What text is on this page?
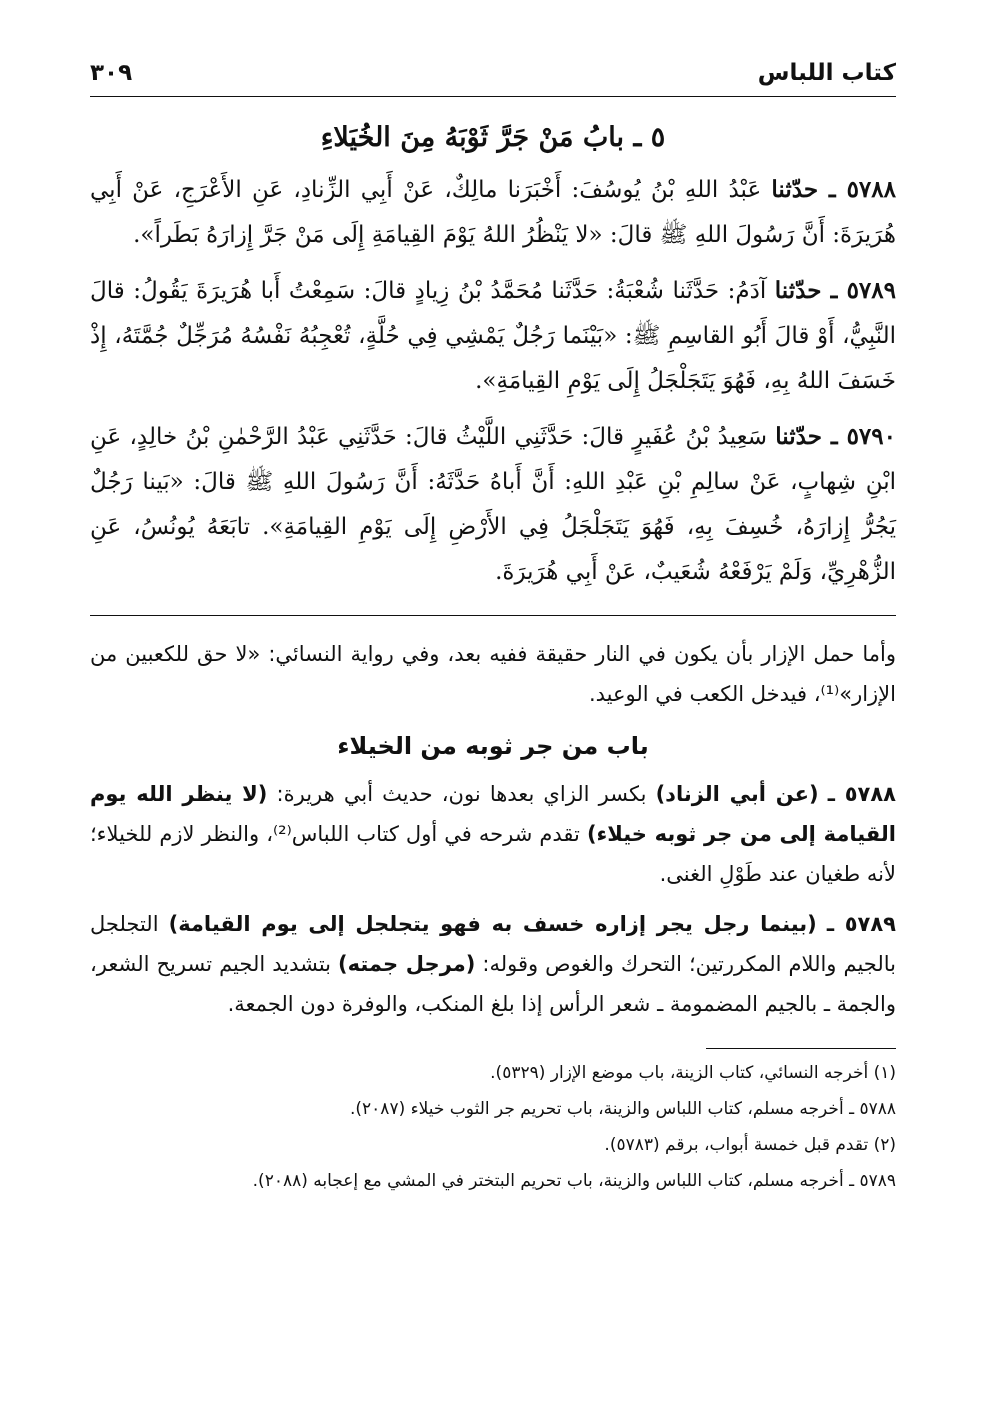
كتاب اللباس
٣٠٩
٥ ـ بابُ مَنْ جَرَّ ثَوْبَهُ مِنَ الخُيَلاءِ

٥٧٨٨ ـ حدّثنا عَبْدُ اللهِ بْنُ يُوسُفَ: أَخْبَرَنا مالِكٌ، عَنْ أَبِي الزِّنادِ، عَنِ الأَعْرَجِ، عَنْ أَبِي هُرَيرَةَ: أَنَّ رَسُولَ اللهِ ﷺ قالَ: «لا يَنْظُرُ اللهُ يَوْمَ القِيامَةِ إِلَى مَنْ جَرَّ إِزارَهُ بَطَراً».

٥٧٨٩ ـ حدّثنا آدَمُ: حَدَّثَنا شُعْبَةُ: حَدَّثَنا مُحَمَّدُ بْنُ زِيادٍ قالَ: سَمِعْتُ أَبا هُرَيرَةَ يَقُولُ: قالَ النَّبِيُّ، أَوْ قالَ أَبُو القاسِمِ ﷺ: «بَيْنَما رَجُلٌ يَمْشِي فِي حُلَّةٍ، تُعْجِبُهُ نَفْسُهُ مُرَجِّلٌ جُمَّتَهُ، إِذْ خَسَفَ اللهُ بِهِ، فَهُوَ يَتَجَلْجَلُ إِلَى يَوْمِ القِيامَةِ».

٥٧٩٠ ـ حدّثنا سَعِيدُ بْنُ عُفَيرٍ قالَ: حَدَّثَنِي اللَّيْثُ قالَ: حَدَّثَنِي عَبْدُ الرَّحْمٰنِ بْنُ خالِدٍ، عَنِ ابْنِ شِهابٍ، عَنْ سالِمِ بْنِ عَبْدِ اللهِ: أَنَّ أَباهُ حَدَّثَهُ: أَنَّ رَسُولَ اللهِ ﷺ قالَ: «بَينا رَجُلٌ يَجُرُّ إِزارَهُ، خُسِفَ بِهِ، فَهُوَ يَتَجَلْجَلُ فِي الأَرْضِ إِلَى يَوْمِ القِيامَةِ». تابَعَهُ يُونُسُ، عَنِ الزُّهْرِيِّ، وَلَمْ يَرْفَعْهُ شُعَيبٌ، عَنْ أَبِي هُرَيرَةَ.

وأما حمل الإزار بأن يكون في النار حقيقة ففيه بعد، وفي رواية النسائي: «لا حق للكعبين من الإزار»⁽¹⁾، فيدخل الكعب في الوعيد.

باب من جر ثوبه من الخيلاء

٥٧٨٨ ـ (عن أبي الزناد) بكسر الزاي بعدها نون، حديث أبي هريرة: (لا ينظر الله يوم القيامة إلى من جر ثوبه خيلاء) تقدم شرحه في أول كتاب اللباس⁽²⁾، والنظر لازم للخيلاء؛ لأنه طغيان عند طَوْلِ الغنى.

٥٧٨٩ ـ (بينما رجل يجر إزاره خسف به فهو يتجلجل إلى يوم القيامة) التجلجل بالجيم واللام المكررتين؛ التحرك والغوص وقوله: (مرجل جمته) بتشديد الجيم تسريح الشعر، والجمة ـ بالجيم المضمومة ـ شعر الرأس إذا بلغ المنكب، والوفرة دون الجمعة.

(١) أخرجه النسائي، كتاب الزينة، باب موضع الإزار (٥٣٢٩).

٥٧٨٨ ـ أخرجه مسلم، كتاب اللباس والزينة، باب تحريم جر الثوب خيلاء (٢٠٨٧).

(٢) تقدم قبل خمسة أبواب، برقم (٥٧٨٣).

٥٧٨٩ ـ أخرجه مسلم، كتاب اللباس والزينة، باب تحريم البتختر في المشي مع إعجابه (٢٠٨٨).
